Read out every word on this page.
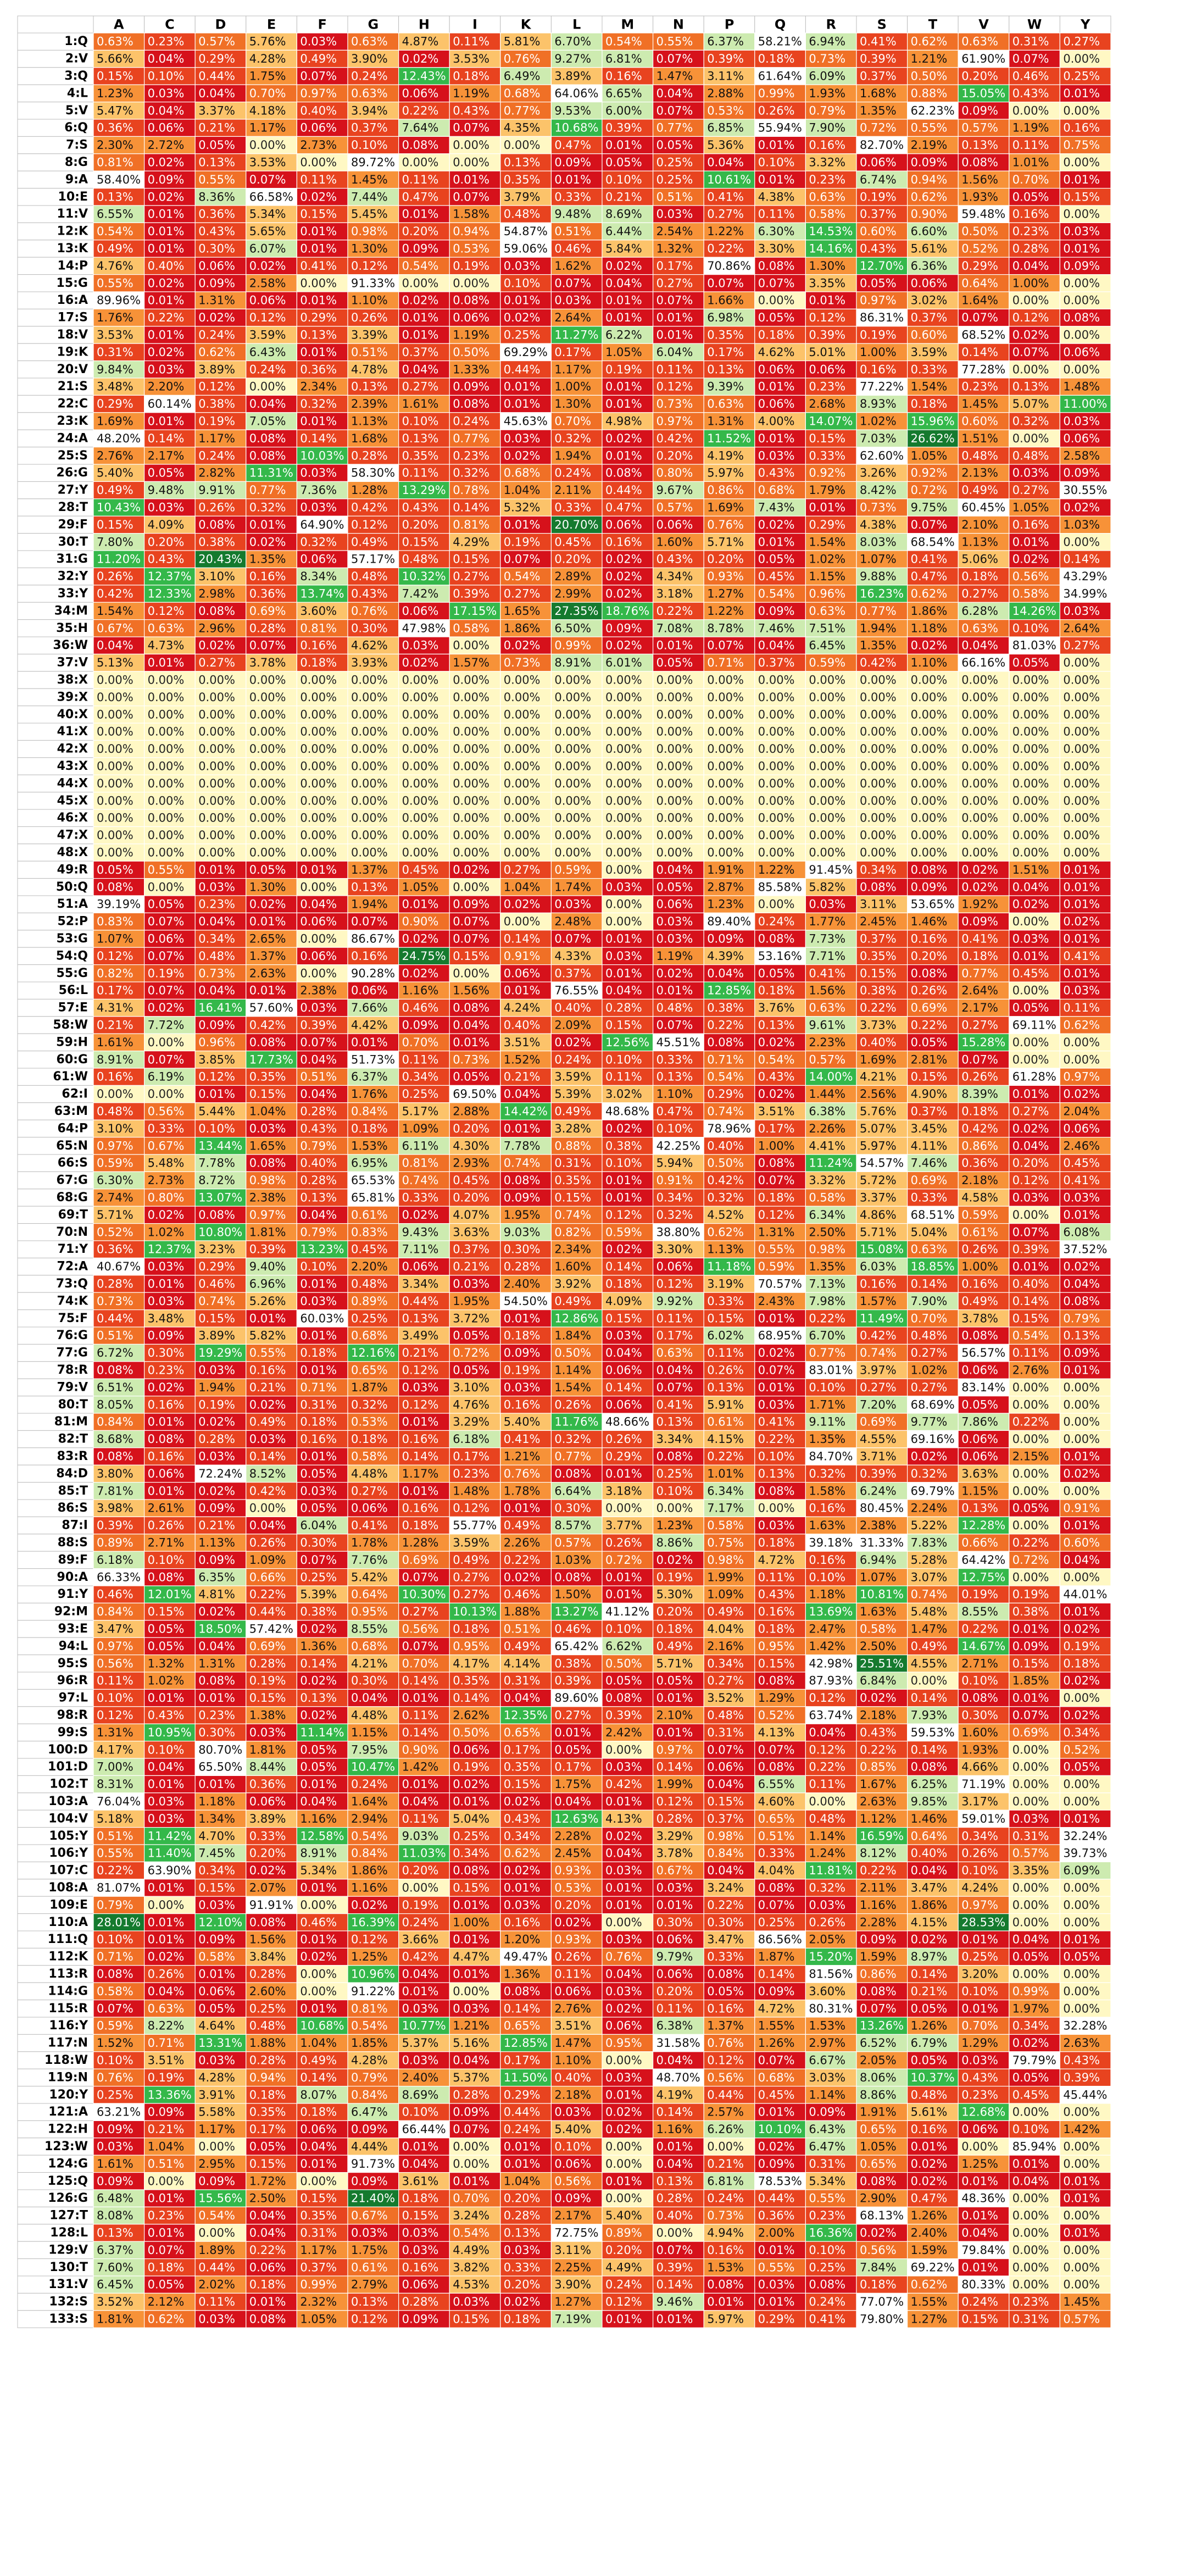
A	C	D	E	F	G	H	I	K	L	M	N	P	Q	R	S	T	V	W	Y
1:Q 0.63% 0.23% 0.57% 5.76% 0.03% 0.63% 4.87% 0.11% 5.81% 6.70% 0.54% 0.55% 6.37% 58.21% 6.94% 0.41% 0.62% 0.63% 0.31% 0.27%
2:V 5.66% 0.04% 0.29% 4.28% 0.49% 3.90% 0.02% 3.53% 0.76% 9.27% 6.81% 0.07% 0.39% 0.18% 0.73% 0.39% 1.21% 61.90% 0.07% 0.00%
3:Q 0.15% 0.10% 0.44% 1.75% 0.07% 0.24% 12.43% 0.18% 6.49% 3.89% 0.16% 1.47% 3.11% 61.64% 6.09% 0.37% 0.50% 0.20% 0.46% 0.25%
4:L 1.23% 0.03% 0.04% 0.70% 0.97% 0.63% 0.06% 1.19% 0.68% 64.06% 6.65% 0.04% 2.88% 0.99% 1.93% 1.68% 0.88% 15.05% 0.43% 0.01%
5:V 5.47% 0.04% 3.37% 4.18% 0.40% 3.94% 0.22% 0.43% 0.77% 9.53% 6.00% 0.07% 0.53% 0.26% 0.79% 1.35% 62.23% 0.09% 0.00% 0.00%
6:Q 0.36% 0.06% 0.21% 1.17% 0.06% 0.37% 7.64% 0.07% 4.35% 10.68% 0.39% 0.77% 6.85% 55.94% 7.90% 0.72% 0.55% 0.57% 1.19% 0.16%
7:S 2.30% 2.72% 0.05% 0.00% 2.73% 0.10% 0.08% 0.00% 0.00% 0.47% 0.01% 0.05% 5.36% 0.01% 0.16% 82.70% 2.19% 0.13% 0.11% 0.75%
8:G 0.81% 0.02% 0.13% 3.53% 0.00% 89.72% 0.00% 0.00% 0.13% 0.09% 0.05% 0.25% 0.04% 0.10% 3.32% 0.06% 0.09% 0.08% 1.01% 0.00%
9:A 58.40% 0.09% 0.55% 0.07% 0.11% 1.45% 0.11% 0.01% 0.35% 0.01% 0.10% 0.25% 10.61% 0.01% 0.23% 6.74% 0.94% 1.56% 0.70% 0.01%
10:E 0.13% 0.02% 8.36% 66.58% 0.02% 7.44% 0.47% 0.07% 3.79% 0.33% 0.21% 0.51% 0.41% 4.38% 0.63% 0.19% 0.62% 1.93% 0.05% 0.15%
11:V 6.55% 0.01% 0.36% 5.34% 0.15% 5.45% 0.01% 1.58% 0.48% 9.48% 8.69% 0.03% 0.27% 0.11% 0.58% 0.37% 0.90% 59.48% 0.16% 0.00%
12:K 0.54% 0.01% 0.43% 5.65% 0.01% 0.98% 0.20% 0.94% 54.87% 0.51% 6.44% 2.54% 1.22% 6.30% 14.53% 0.60% 6.60% 0.50% 0.23% 0.03%
13:K 0.49% 0.01% 0.30% 6.07% 0.01% 1.30% 0.09% 0.53% 59.06% 0.46% 5.84% 1.32% 0.22% 3.30% 14.16% 0.43% 5.61% 0.52% 0.28% 0.01%
14:P 4.76% 0.40% 0.06% 0.02% 0.41% 0.12% 0.54% 0.19% 0.03% 1.62% 0.02% 0.17% 70.86% 0.08% 1.30% 12.70% 6.36% 0.29% 0.04% 0.09%
15:G 0.55% 0.02% 0.09% 2.58% 0.00% 91.33% 0.00% 0.00% 0.10% 0.07% 0.04% 0.27% 0.07% 0.07% 3.35% 0.05% 0.06% 0.64% 1.00% 0.00%
16:A 89.96% 0.01% 1.31% 0.06% 0.01% 1.10% 0.02% 0.08% 0.01% 0.03% 0.01% 0.07% 1.66% 0.00% 0.01% 0.97% 3.02% 1.64% 0.00% 0.00%
17:S 1.76% 0.22% 0.02% 0.12% 0.29% 0.26% 0.01% 0.06% 0.02% 2.64% 0.01% 0.01% 6.98% 0.05% 0.12% 86.31% 0.37% 0.07% 0.12% 0.08%
18:V 3.53% 0.01% 0.24% 3.59% 0.13% 3.39% 0.01% 1.19% 0.25% 11.27% 6.22% 0.01% 0.35% 0.18% 0.39% 0.19% 0.60% 68.52% 0.02% 0.00%
19:K 0.31% 0.02% 0.62% 6.43% 0.01% 0.51% 0.37% 0.50% 69.29% 0.17% 1.05% 6.04% 0.17% 4.62% 5.01% 1.00% 3.59% 0.14% 0.07% 0.06%
20:V 9.84% 0.03% 3.89% 0.24% 0.36% 4.78% 0.04% 1.33% 0.44% 1.17% 0.19% 0.11% 0.13% 0.06% 0.06% 0.16% 0.33% 77.28% 0.00% 0.00%
21:S 3.48% 2.20% 0.12% 0.00% 2.34% 0.13% 0.27% 0.09% 0.01% 1.00% 0.01% 0.12% 9.39% 0.01% 0.23% 77.22% 1.54% 0.23% 0.13% 1.48%
22:C 0.29% 60.14% 0.38% 0.04% 0.32% 2.39% 1.61% 0.08% 0.01% 1.30% 0.01% 0.73% 0.63% 0.06% 2.68% 8.93% 0.18% 1.45% 5.07% 11.00%
23:K 1.69% 0.01% 0.19% 7.05% 0.01% 1.13% 0.10% 0.24% 45.63% 0.70% 4.98% 0.97% 1.31% 4.00% 14.07% 1.02% 15.96% 0.60% 0.32% 0.03%
24:A 48.20% 0.14% 1.17% 0.08% 0.14% 1.68% 0.13% 0.77% 0.03% 0.32% 0.02% 0.42% 11.52% 0.01% 0.15% 7.03% 26.62% 1.51% 0.00% 0.06%
25:S 2.76% 2.17% 0.24% 0.08% 10.03% 0.28% 0.35% 0.23% 0.02% 1.94% 0.01% 0.20% 4.19% 0.03% 0.33% 62.60% 1.05% 0.48% 0.48% 2.58%
26:G 5.40% 0.05% 2.82% 11.31% 0.03% 58.30% 0.11% 0.32% 0.68% 0.24% 0.08% 0.80% 5.97% 0.43% 0.92% 3.26% 0.92% 2.13% 0.03% 0.09%
27:Y 0.49% 9.48% 9.91% 0.77% 7.36% 1.28% 13.29% 0.78% 1.04% 2.11% 0.44% 9.67% 0.86% 0.68% 1.79% 8.42% 0.72% 0.49% 0.27% 30.55%
28:T 10.43% 0.03% 0.26% 0.32% 0.03% 0.42% 0.43% 0.14% 5.32% 0.33% 0.47% 0.57% 1.69% 7.43% 0.01% 0.73% 9.75% 60.45% 1.05% 0.02%
29:F 0.15% 4.09% 0.08% 0.01% 64.90% 0.12% 0.20% 0.81% 0.01% 20.70% 0.06% 0.06% 0.76% 0.02% 0.29% 4.38% 0.07% 2.10% 0.16% 1.03%
30:T 7.80% 0.20% 0.38% 0.02% 0.32% 0.49% 0.15% 4.29% 0.19% 0.45% 0.16% 1.60% 5.71% 0.01% 1.54% 8.03% 68.54% 1.13% 0.01% 0.00%
31:G 11.20% 0.43% 20.43% 1.35% 0.06% 57.17% 0.48% 0.15% 0.07% 0.20% 0.02% 0.43% 0.20% 0.05% 1.02% 1.07% 0.41% 5.06% 0.02% 0.14%
32:Y 0.26% 12.37% 3.10% 0.16% 8.34% 0.48% 10.32% 0.27% 0.54% 2.89% 0.02% 4.34% 0.93% 0.45% 1.15% 9.88% 0.47% 0.18% 0.56% 43.29%
33:Y 0.42% 12.33% 2.98% 0.36% 13.74% 0.43% 7.42% 0.39% 0.27% 2.99% 0.02% 3.18% 1.27% 0.54% 0.96% 16.23% 0.62% 0.27% 0.58% 34.99%
34:M 1.54% 0.12% 0.08% 0.69% 3.60% 0.76% 0.06% 17.15% 1.65% 27.35% 18.76% 0.22% 1.22% 0.09% 0.63% 0.77% 1.86% 6.28% 14.26% 0.03%
35:H 0.67% 0.63% 2.96% 0.28% 0.81% 0.30% 47.98% 0.58% 1.86% 6.50% 0.09% 7.08% 8.78% 7.46% 7.51% 1.94% 1.18% 0.63% 0.10% 2.64%
36:W 0.04% 4.73% 0.02% 0.07% 0.16% 4.62% 0.03% 0.00% 0.02% 0.99% 0.02% 0.01% 0.07% 0.04% 6.45% 1.35% 0.02% 0.04% 81.03% 0.27%
37:V 5.13% 0.01% 0.27% 3.78% 0.18% 3.93% 0.02% 1.57% 0.73% 8.91% 6.01% 0.05% 0.71% 0.37% 0.59% 0.42% 1.10% 66.16% 0.05% 0.00%
38:X 0.00% 0.00% 0.00% 0.00% 0.00% 0.00% 0.00% 0.00% 0.00% 0.00% 0.00% 0.00% 0.00% 0.00% 0.00% 0.00% 0.00% 0.00% 0.00% 0.00%
39:X 0.00% 0.00% 0.00% 0.00% 0.00% 0.00% 0.00% 0.00% 0.00% 0.00% 0.00% 0.00% 0.00% 0.00% 0.00% 0.00% 0.00% 0.00% 0.00% 0.00%
40:X 0.00% 0.00% 0.00% 0.00% 0.00% 0.00% 0.00% 0.00% 0.00% 0.00% 0.00% 0.00% 0.00% 0.00% 0.00% 0.00% 0.00% 0.00% 0.00% 0.00%
41:X 0.00% 0.00% 0.00% 0.00% 0.00% 0.00% 0.00% 0.00% 0.00% 0.00% 0.00% 0.00% 0.00% 0.00% 0.00% 0.00% 0.00% 0.00% 0.00% 0.00%
42:X 0.00% 0.00% 0.00% 0.00% 0.00% 0.00% 0.00% 0.00% 0.00% 0.00% 0.00% 0.00% 0.00% 0.00% 0.00% 0.00% 0.00% 0.00% 0.00% 0.00%
43:X 0.00% 0.00% 0.00% 0.00% 0.00% 0.00% 0.00% 0.00% 0.00% 0.00% 0.00% 0.00% 0.00% 0.00% 0.00% 0.00% 0.00% 0.00% 0.00% 0.00%
44:X 0.00% 0.00% 0.00% 0.00% 0.00% 0.00% 0.00% 0.00% 0.00% 0.00% 0.00% 0.00% 0.00% 0.00% 0.00% 0.00% 0.00% 0.00% 0.00% 0.00%
45:X 0.00% 0.00% 0.00% 0.00% 0.00% 0.00% 0.00% 0.00% 0.00% 0.00% 0.00% 0.00% 0.00% 0.00% 0.00% 0.00% 0.00% 0.00% 0.00% 0.00%
46:X 0.00% 0.00% 0.00% 0.00% 0.00% 0.00% 0.00% 0.00% 0.00% 0.00% 0.00% 0.00% 0.00% 0.00% 0.00% 0.00% 0.00% 0.00% 0.00% 0.00%
47:X 0.00% 0.00% 0.00% 0.00% 0.00% 0.00% 0.00% 0.00% 0.00% 0.00% 0.00% 0.00% 0.00% 0.00% 0.00% 0.00% 0.00% 0.00% 0.00% 0.00%
48:X 0.00% 0.00% 0.00% 0.00% 0.00% 0.00% 0.00% 0.00% 0.00% 0.00% 0.00% 0.00% 0.00% 0.00% 0.00% 0.00% 0.00% 0.00% 0.00% 0.00%
49:R 0.05% 0.55% 0.01% 0.05% 0.01% 1.37% 0.45% 0.02% 0.27% 0.59% 0.00% 0.04% 1.91% 1.22% 91.45% 0.34% 0.08% 0.02% 1.51% 0.01%
50:Q 0.08% 0.00% 0.03% 1.30% 0.00% 0.13% 1.05% 0.00% 1.04% 1.74% 0.03% 0.05% 2.87% 85.58% 5.82% 0.08% 0.09% 0.02% 0.04% 0.01%
51:A 39.19% 0.05% 0.23% 0.02% 0.04% 1.94% 0.01% 0.09% 0.02% 0.03% 0.00% 0.06% 1.23% 0.00% 0.03% 3.11% 53.65% 1.92% 0.02% 0.01%
52:P 0.83% 0.07% 0.04% 0.01% 0.06% 0.07% 0.90% 0.07% 0.00% 2.48% 0.00% 0.03% 89.40% 0.24% 1.77% 2.45% 1.46% 0.09% 0.00% 0.02%
53:G 1.07% 0.06% 0.34% 2.65% 0.00% 86.67% 0.02% 0.07% 0.14% 0.07% 0.01% 0.03% 0.09% 0.08% 7.73% 0.37% 0.16% 0.41% 0.03% 0.01%
54:Q 0.12% 0.07% 0.48% 1.37% 0.06% 0.16% 24.75% 0.15% 0.91% 4.33% 0.03% 1.19% 4.39% 53.16% 7.71% 0.35% 0.20% 0.18% 0.01% 0.41%
55:G 0.82% 0.19% 0.73% 2.63% 0.00% 90.28% 0.02% 0.00% 0.06% 0.37% 0.01% 0.02% 0.04% 0.05% 0.41% 0.15% 0.08% 0.77% 0.45% 0.01%
56:L 0.17% 0.07% 0.04% 0.01% 2.38% 0.06% 1.16% 1.56% 0.01% 76.55% 0.04% 0.01% 12.85% 0.18% 1.56% 0.38% 0.26% 2.64% 0.00% 0.03%
57:E 4.31% 0.02% 16.41% 57.60% 0.03% 7.66% 0.46% 0.08% 4.24% 0.40% 0.28% 0.48% 0.38% 3.76% 0.63% 0.22% 0.69% 2.17% 0.05% 0.11%
58:W 0.21% 7.72% 0.09% 0.42% 0.39% 4.42% 0.09% 0.04% 0.40% 2.09% 0.15% 0.07% 0.22% 0.13% 9.61% 3.73% 0.22% 0.27% 69.11% 0.62%
59:H 1.61% 0.00% 0.96% 0.08% 0.07% 0.01% 0.70% 0.01% 3.51% 0.02% 12.56% 45.51% 0.08% 0.02% 2.23% 0.40% 0.05% 15.28% 0.00% 0.00%
60:G 8.91% 0.07% 3.85% 17.73% 0.04% 51.73% 0.11% 0.73% 1.52% 0.24% 0.10% 0.33% 0.71% 0.54% 0.57% 1.69% 2.81% 0.07% 0.00% 0.00%
61:W 0.16% 6.19% 0.12% 0.35% 0.51% 6.37% 0.34% 0.05% 0.21% 3.59% 0.11% 0.13% 0.54% 0.43% 14.00% 4.21% 0.15% 0.26% 61.28% 0.97%
62:I 0.00% 0.00% 0.01% 0.15% 0.04% 1.76% 0.25% 69.50% 0.04% 5.39% 3.02% 1.10% 0.29% 0.02% 1.44% 2.56% 4.90% 8.39% 0.01% 0.02%
63:M 0.48% 0.56% 5.44% 1.04% 0.28% 0.84% 5.17% 2.88% 14.42% 0.49% 48.68% 0.47% 0.74% 3.51% 6.38% 5.76% 0.37% 0.18% 0.27% 2.04%
64:P 3.10% 0.33% 0.10% 0.03% 0.43% 0.18% 1.09% 0.20% 0.01% 3.28% 0.02% 0.10% 78.96% 0.17% 2.26% 5.07% 3.45% 0.42% 0.02% 0.06%
65:N 0.97% 0.67% 13.44% 1.65% 0.79% 1.53% 6.11% 4.30% 7.78% 0.88% 0.38% 42.25% 0.40% 1.00% 4.41% 5.97% 4.11% 0.86% 0.04% 2.46%
66:S 0.59% 5.48% 7.78% 0.08% 0.40% 6.95% 0.81% 2.93% 0.74% 0.31% 0.10% 5.94% 0.50% 0.08% 11.24% 54.57% 7.46% 0.36% 0.20% 0.45%
67:G 6.30% 2.73% 8.72% 0.98% 0.28% 65.53% 0.74% 0.45% 0.08% 0.35% 0.01% 0.91% 0.42% 0.07% 3.32% 5.72% 0.69% 2.18% 0.12% 0.41%
68:G 2.74% 0.80% 13.07% 2.38% 0.13% 65.81% 0.33% 0.20% 0.09% 0.15% 0.01% 0.34% 0.32% 0.18% 0.58% 3.37% 0.33% 4.58% 0.03% 0.03%
69:T 5.71% 0.02% 0.08% 0.97% 0.04% 0.61% 0.02% 4.07% 1.95% 0.74% 0.12% 0.32% 4.52% 0.12% 6.34% 4.86% 68.51% 0.59% 0.00% 0.01%
70:N 0.52% 1.02% 10.80% 1.81% 0.79% 0.83% 9.43% 3.63% 9.03% 0.82% 0.59% 38.80% 0.62% 1.31% 2.50% 5.71% 5.04% 0.61% 0.07% 6.08%
71:Y 0.36% 12.37% 3.23% 0.39% 13.23% 0.45% 7.11% 0.37% 0.30% 2.34% 0.02% 3.30% 1.13% 0.55% 0.98% 15.08% 0.63% 0.26% 0.39% 37.52%
72:A 40.67% 0.03% 0.29% 9.40% 0.10% 2.20% 0.06% 0.21% 0.28% 1.60% 0.14% 0.06% 11.18% 0.59% 1.35% 6.03% 18.85% 1.00% 0.01% 0.02%
73:Q 0.28% 0.01% 0.46% 6.96% 0.01% 0.48% 3.34% 0.03% 2.40% 3.92% 0.18% 0.12% 3.19% 70.57% 7.13% 0.16% 0.14% 0.16% 0.40% 0.04%
74:K 0.73% 0.03% 0.74% 5.26% 0.03% 0.89% 0.44% 1.95% 54.50% 0.49% 4.09% 9.92% 0.33% 2.43% 7.98% 1.57% 7.90% 0.49% 0.14% 0.08%
75:F 0.44% 3.48% 0.15% 0.01% 60.03% 0.25% 0.13% 3.72% 0.01% 12.86% 0.15% 0.11% 0.15% 0.01% 0.22% 11.49% 0.70% 3.78% 0.15% 0.79%
76:G 0.51% 0.09% 3.89% 5.82% 0.01% 0.68% 3.49% 0.05% 0.18% 1.84% 0.03% 0.17% 6.02% 68.95% 6.70% 0.42% 0.48% 0.08% 0.54% 0.13%
77:G 6.72% 0.30% 19.29% 0.55% 0.18% 12.16% 0.21% 0.72% 0.09% 0.50% 0.04% 0.63% 0.11% 0.02% 0.77% 0.74% 0.27% 56.57% 0.11% 0.09%
78:R 0.08% 0.23% 0.03% 0.16% 0.01% 0.65% 0.12% 0.05% 0.19% 1.14% 0.06% 0.04% 0.26% 0.07% 83.01% 3.97% 1.02% 0.06% 2.76% 0.01%
79:V 6.51% 0.02% 1.94% 0.21% 0.71% 1.87% 0.03% 3.10% 0.03% 1.54% 0.14% 0.07% 0.13% 0.01% 0.10% 0.27% 0.27% 83.14% 0.00% 0.00%
80:T 8.05% 0.16% 0.19% 0.02% 0.31% 0.32% 0.12% 4.76% 0.16% 0.26% 0.06% 0.41% 5.91% 0.03% 1.71% 7.20% 68.69% 0.05% 0.00% 0.00%
81:M 0.84% 0.01% 0.02% 0.49% 0.18% 0.53% 0.01% 3.29% 5.40% 11.76% 48.66% 0.13% 0.61% 0.41% 9.11% 0.69% 9.77% 7.86% 0.22% 0.00%
82:T 8.68% 0.08% 0.28% 0.03% 0.16% 0.18% 0.16% 6.18% 0.41% 0.32% 0.26% 3.34% 4.15% 0.22% 1.35% 4.55% 69.16% 0.06% 0.00% 0.00%
83:R 0.08% 0.16% 0.03% 0.14% 0.01% 0.58% 0.14% 0.17% 1.21% 0.77% 0.29% 0.08% 0.22% 0.10% 84.70% 3.71% 0.02% 0.06% 2.15% 0.01%
84:D 3.80% 0.06% 72.24% 8.52% 0.05% 4.48% 1.17% 0.23% 0.76% 0.08% 0.01% 0.25% 1.01% 0.13% 0.32% 0.39% 0.32% 3.63% 0.00% 0.02%
85:T 7.81% 0.01% 0.02% 0.42% 0.03% 0.27% 0.01% 1.48% 1.78% 6.64% 3.18% 0.10% 6.34% 0.08% 1.58% 6.24% 69.79% 1.15% 0.00% 0.00%
86:S 3.98% 2.61% 0.09% 0.00% 0.05% 0.06% 0.16% 0.12% 0.01% 0.30% 0.00% 0.00% 7.17% 0.00% 0.16% 80.45% 2.24% 0.13% 0.05% 0.91%
87:I 0.39% 0.26% 0.21% 0.04% 6.04% 0.41% 0.18% 55.77% 0.49% 8.57% 3.77% 1.23% 0.58% 0.03% 1.63% 2.38% 5.22% 12.28% 0.00% 0.01%
88:S 0.89% 2.71% 1.13% 0.26% 0.30% 1.78% 1.28% 3.59% 2.26% 0.57% 0.26% 8.86% 0.75% 0.18% 39.18% 31.33% 7.83% 0.66% 0.22% 0.60%
89:F 6.18% 0.10% 0.09% 1.09% 0.07% 7.76% 0.69% 0.49% 0.22% 1.03% 0.72% 0.02% 0.98% 4.72% 0.16% 6.94% 5.28% 64.42% 0.72% 0.04%
90:A 66.33% 0.08% 6.35% 0.66% 0.25% 5.42% 0.07% 0.27% 0.02% 0.08% 0.01% 0.19% 1.99% 0.11% 0.10% 1.07% 3.07% 12.75% 0.00% 0.00%
91:Y 0.46% 12.01% 4.81% 0.22% 5.39% 0.64% 10.30% 0.27% 0.46% 1.50% 0.01% 5.30% 1.09% 0.43% 1.18% 10.81% 0.74% 0.19% 0.19% 44.01%
92:M 0.84% 0.15% 0.02% 0.44% 0.38% 0.95% 0.27% 10.13% 1.88% 13.27% 41.12% 0.20% 0.49% 0.16% 13.69% 1.63% 5.48% 8.55% 0.38% 0.01%
93:E 3.47% 0.05% 18.50% 57.42% 0.02% 8.55% 0.56% 0.18% 0.51% 0.46% 0.10% 0.18% 4.04% 0.18% 2.47% 0.58% 1.47% 0.22% 0.01% 0.02%
94:L 0.97% 0.05% 0.04% 0.69% 1.36% 0.68% 0.07% 0.95% 0.49% 65.42% 6.62% 0.49% 2.16% 0.95% 1.42% 2.50% 0.49% 14.67% 0.09% 0.19%
95:S 0.56% 1.32% 1.31% 0.28% 0.14% 4.21% 0.70% 4.17% 4.14% 0.38% 0.50% 5.71% 0.34% 0.15% 42.98% 25.51% 4.55% 2.71% 0.15% 0.18%
96:R 0.11% 1.02% 0.08% 0.19% 0.02% 0.30% 0.14% 0.35% 0.31% 0.39% 0.05% 0.05% 0.27% 0.08% 87.93% 6.84% 0.00% 0.10% 1.85% 0.02%
97:L 0.10% 0.01% 0.01% 0.15% 0.13% 0.04% 0.01% 0.14% 0.04% 89.60% 0.08% 0.01% 3.52% 1.29% 0.12% 0.02% 0.14% 0.08% 0.01% 0.00%
98:R 0.12% 0.43% 0.23% 1.38% 0.02% 4.48% 0.11% 2.62% 12.35% 0.27% 0.39% 2.10% 0.48% 0.52% 63.74% 2.18% 7.93% 0.30% 0.07% 0.02%
99:S 1.31% 10.95% 0.30% 0.03% 11.14% 1.15% 0.14% 0.50% 0.65% 0.01% 2.42% 0.01% 0.31% 4.13% 0.04% 0.43% 59.53% 1.60% 0.69% 0.34%
100:D 4.17% 0.10% 80.70% 1.81% 0.05% 7.95% 0.90% 0.06% 0.17% 0.05% 0.00% 0.97% 0.07% 0.07% 0.12% 0.22% 0.14% 1.93% 0.00% 0.52%
101:D 7.00% 0.04% 65.50% 8.44% 0.05% 10.47% 1.42% 0.19% 0.35% 0.17% 0.03% 0.14% 0.06% 0.08% 0.22% 0.85% 0.08% 4.66% 0.00% 0.05%
102:T 8.31% 0.01% 0.01% 0.36% 0.01% 0.24% 0.01% 0.02% 0.15% 1.75% 0.42% 1.99% 0.04% 6.55% 0.11% 1.67% 6.25% 71.19% 0.00% 0.00%
103:A 76.04% 0.03% 1.18% 0.06% 0.04% 1.64% 0.04% 0.01% 0.02% 0.04% 0.01% 0.12% 0.15% 4.60% 0.00% 2.63% 9.85% 3.17% 0.00% 0.00%
104:V 5.18% 0.03% 1.34% 3.89% 1.16% 2.94% 0.11% 5.04% 0.43% 12.63% 4.13% 0.28% 0.37% 0.65% 0.48% 1.12% 1.46% 59.01% 0.03% 0.01%
105:Y 0.51% 11.42% 4.70% 0.33% 12.58% 0.54% 9.03% 0.25% 0.34% 2.28% 0.02% 3.29% 0.98% 0.51% 1.14% 16.59% 0.64% 0.34% 0.31% 32.24%
106:Y 0.55% 11.40% 7.45% 0.20% 8.91% 0.84% 11.03% 0.34% 0.62% 2.45% 0.04% 3.78% 0.84% 0.33% 1.24% 8.12% 0.40% 0.26% 0.57% 39.73%
107:C 0.22% 63.90% 0.34% 0.02% 5.34% 1.86% 0.20% 0.08% 0.02% 0.93% 0.03% 0.67% 0.04% 4.04% 11.81% 0.22% 0.04% 0.10% 3.35% 6.09%
108:A 81.07% 0.01% 0.15% 2.07% 0.01% 1.16% 0.00% 0.15% 0.01% 0.53% 0.01% 0.03% 3.24% 0.08% 0.32% 2.11% 3.47% 4.24% 0.00% 0.00%
109:E 0.79% 0.00% 0.03% 91.91% 0.00% 0.02% 0.19% 0.01% 0.03% 0.20% 0.01% 0.01% 0.22% 0.07% 0.03% 1.16% 1.86% 0.97% 0.00% 0.00%
110:A 28.01% 0.01% 12.10% 0.08% 0.46% 16.39% 0.24% 1.00% 0.16% 0.02% 0.00% 0.30% 0.30% 0.25% 0.26% 2.28% 4.15% 28.53% 0.00% 0.00%
111:Q 0.10% 0.01% 0.09% 1.56% 0.01% 0.12% 3.66% 0.01% 1.20% 0.93% 0.03% 0.06% 3.47% 86.56% 2.05% 0.09% 0.02% 0.01% 0.04% 0.01%
112:K 0.71% 0.02% 0.58% 3.84% 0.02% 1.25% 0.42% 4.47% 49.47% 0.26% 0.76% 9.79% 0.33% 1.87% 15.20% 1.59% 8.97% 0.25% 0.05% 0.05%
113:R 0.08% 0.26% 0.01% 0.28% 0.00% 10.96% 0.04% 0.01% 1.36% 0.11% 0.04% 0.06% 0.08% 0.14% 81.56% 0.86% 0.14% 3.20% 0.00% 0.00%
114:G 0.58% 0.04% 0.06% 2.60% 0.00% 91.22% 0.01% 0.00% 0.08% 0.06% 0.03% 0.20% 0.05% 0.09% 3.60% 0.08% 0.21% 0.10% 0.99% 0.00%
115:R 0.07% 0.63% 0.05% 0.25% 0.01% 0.81% 0.03% 0.03% 0.14% 2.76% 0.02% 0.11% 0.16% 4.72% 80.31% 0.07% 0.05% 0.01% 1.97% 0.00%
116:Y 0.59% 8.22% 4.64% 0.48% 10.68% 0.54% 10.77% 1.21% 0.65% 3.51% 0.06% 6.38% 1.37% 1.55% 1.53% 13.26% 1.26% 0.70% 0.34% 32.28%
117:N 1.52% 0.71% 13.31% 1.88% 1.04% 1.85% 5.37% 5.16% 12.85% 1.47% 0.95% 31.58% 0.76% 1.26% 2.97% 6.52% 6.79% 1.29% 0.02% 2.63%
118:W 0.10% 3.51% 0.03% 0.28% 0.49% 4.28% 0.03% 0.04% 0.17% 1.10% 0.00% 0.04% 0.12% 0.07% 6.67% 2.05% 0.05% 0.03% 79.79% 0.43%
119:N 0.76% 0.19% 4.28% 0.94% 0.14% 0.79% 2.40% 5.37% 11.50% 0.40% 0.03% 48.70% 0.56% 0.68% 3.03% 8.06% 10.37% 0.43% 0.05% 0.39%
120:Y 0.25% 13.36% 3.91% 0.18% 8.07% 0.84% 8.69% 0.28% 0.29% 2.18% 0.01% 4.19% 0.44% 0.45% 1.14% 8.86% 0.48% 0.23% 0.45% 45.44%
121:A 63.21% 0.09% 5.58% 0.35% 0.18% 6.47% 0.10% 0.09% 0.44% 0.03% 0.02% 0.14% 2.57% 0.01% 0.09% 1.91% 5.61% 12.68% 0.00% 0.00%
122:H 0.09% 0.21% 1.17% 0.17% 0.06% 0.09% 66.44% 0.07% 0.24% 5.40% 0.02% 1.16% 6.26% 10.10% 6.43% 0.65% 0.16% 0.06% 0.10% 1.42%
123:W 0.03% 1.04% 0.00% 0.05% 0.04% 4.44% 0.01% 0.00% 0.01% 0.10% 0.00% 0.01% 0.00% 0.02% 6.47% 1.05% 0.01% 0.00% 85.94% 0.00%
124:G 1.61% 0.51% 2.95% 0.15% 0.01% 91.73% 0.04% 0.00% 0.01% 0.06% 0.00% 0.04% 0.21% 0.09% 0.31% 0.65% 0.02% 1.25% 0.01% 0.00%
125:Q 0.09% 0.00% 0.09% 1.72% 0.00% 0.09% 3.61% 0.01% 1.04% 0.56% 0.01% 0.13% 6.81% 78.53% 5.34% 0.08% 0.02% 0.01% 0.04% 0.01%
126:G 6.48% 0.01% 15.56% 2.50% 0.15% 21.40% 0.18% 0.70% 0.20% 0.09% 0.00% 0.28% 0.24% 0.44% 0.55% 2.90% 0.47% 48.36% 0.00% 0.01%
127:T 8.08% 0.23% 0.54% 0.04% 0.35% 0.67% 0.15% 3.24% 0.28% 2.17% 5.40% 0.40% 0.73% 0.36% 0.23% 68.13% 1.26% 0.01% 0.00% 0.00%
128:L 0.13% 0.01% 0.00% 0.04% 0.31% 0.03% 0.03% 0.54% 0.13% 72.75% 0.89% 0.00% 4.94% 2.00% 16.36% 0.02% 2.40% 0.04% 0.00% 0.01%
129:V 6.37% 0.07% 1.89% 0.22% 1.17% 1.75% 0.03% 4.49% 0.03% 3.11% 0.20% 0.07% 0.16% 0.01% 0.10% 0.56% 1.59% 79.84% 0.00% 0.00%
130:T 7.60% 0.18% 0.44% 0.06% 0.37% 0.61% 0.16% 3.82% 0.33% 2.25% 4.49% 0.39% 1.53% 0.55% 0.25% 7.84% 69.22% 0.01% 0.00% 0.00%
131:V 6.45% 0.05% 2.02% 0.18% 0.99% 2.79% 0.06% 4.53% 0.20% 3.90% 0.24% 0.14% 0.08% 0.03% 0.08% 0.18% 0.62% 80.33% 0.00% 0.00%
132:S 3.52% 2.12% 0.11% 0.01% 2.32% 0.13% 0.28% 0.03% 0.02% 1.27% 0.12% 9.46% 0.01% 0.01% 0.24% 77.07% 1.55% 0.24% 0.23% 1.45%
133:S 1.81% 0.62% 0.03% 0.08% 1.05% 0.12% 0.09% 0.15% 0.18% 7.19% 0.01% 0.01% 5.97% 0.29% 0.41% 79.80% 1.27% 0.15% 0.31% 0.57%
